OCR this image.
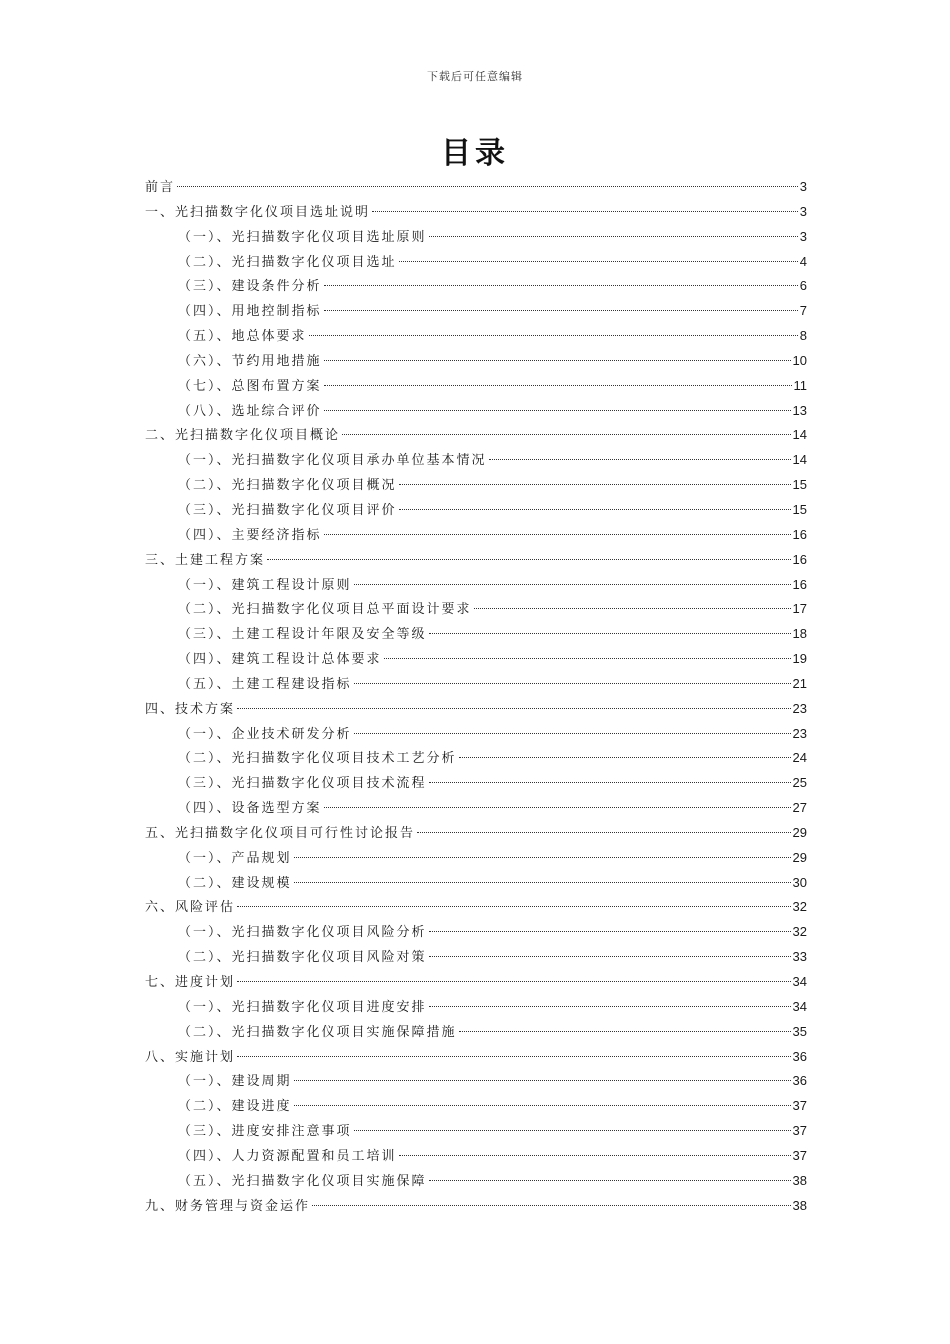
下载后可任意编辑
目录
前言	3
一、光扫描数字化仪项目选址说明	3
（一）、光扫描数字化仪项目选址原则	3
（二）、光扫描数字化仪项目选址	4
（三）、建设条件分析	6
（四）、用地控制指标	7
（五）、地总体要求	8
（六）、节约用地措施	10
（七）、总图布置方案	11
（八）、选址综合评价	13
二、光扫描数字化仪项目概论	14
（一）、光扫描数字化仪项目承办单位基本情况	14
（二）、光扫描数字化仪项目概况	15
（三）、光扫描数字化仪项目评价	15
（四）、主要经济指标	16
三、土建工程方案	16
（一）、建筑工程设计原则	16
（二）、光扫描数字化仪项目总平面设计要求	17
（三）、土建工程设计年限及安全等级	18
（四）、建筑工程设计总体要求	19
（五）、土建工程建设指标	21
四、技术方案	23
（一）、企业技术研发分析	23
（二）、光扫描数字化仪项目技术工艺分析	24
（三）、光扫描数字化仪项目技术流程	25
（四）、设备选型方案	27
五、光扫描数字化仪项目可行性讨论报告	29
（一）、产品规划	29
（二）、建设规模	30
六、风险评估	32
（一）、光扫描数字化仪项目风险分析	32
（二）、光扫描数字化仪项目风险对策	33
七、进度计划	34
（一）、光扫描数字化仪项目进度安排	34
（二）、光扫描数字化仪项目实施保障措施	35
八、实施计划	36
（一）、建设周期	36
（二）、建设进度	37
（三）、进度安排注意事项	37
（四）、人力资源配置和员工培训	37
（五）、光扫描数字化仪项目实施保障	38
九、财务管理与资金运作	38
